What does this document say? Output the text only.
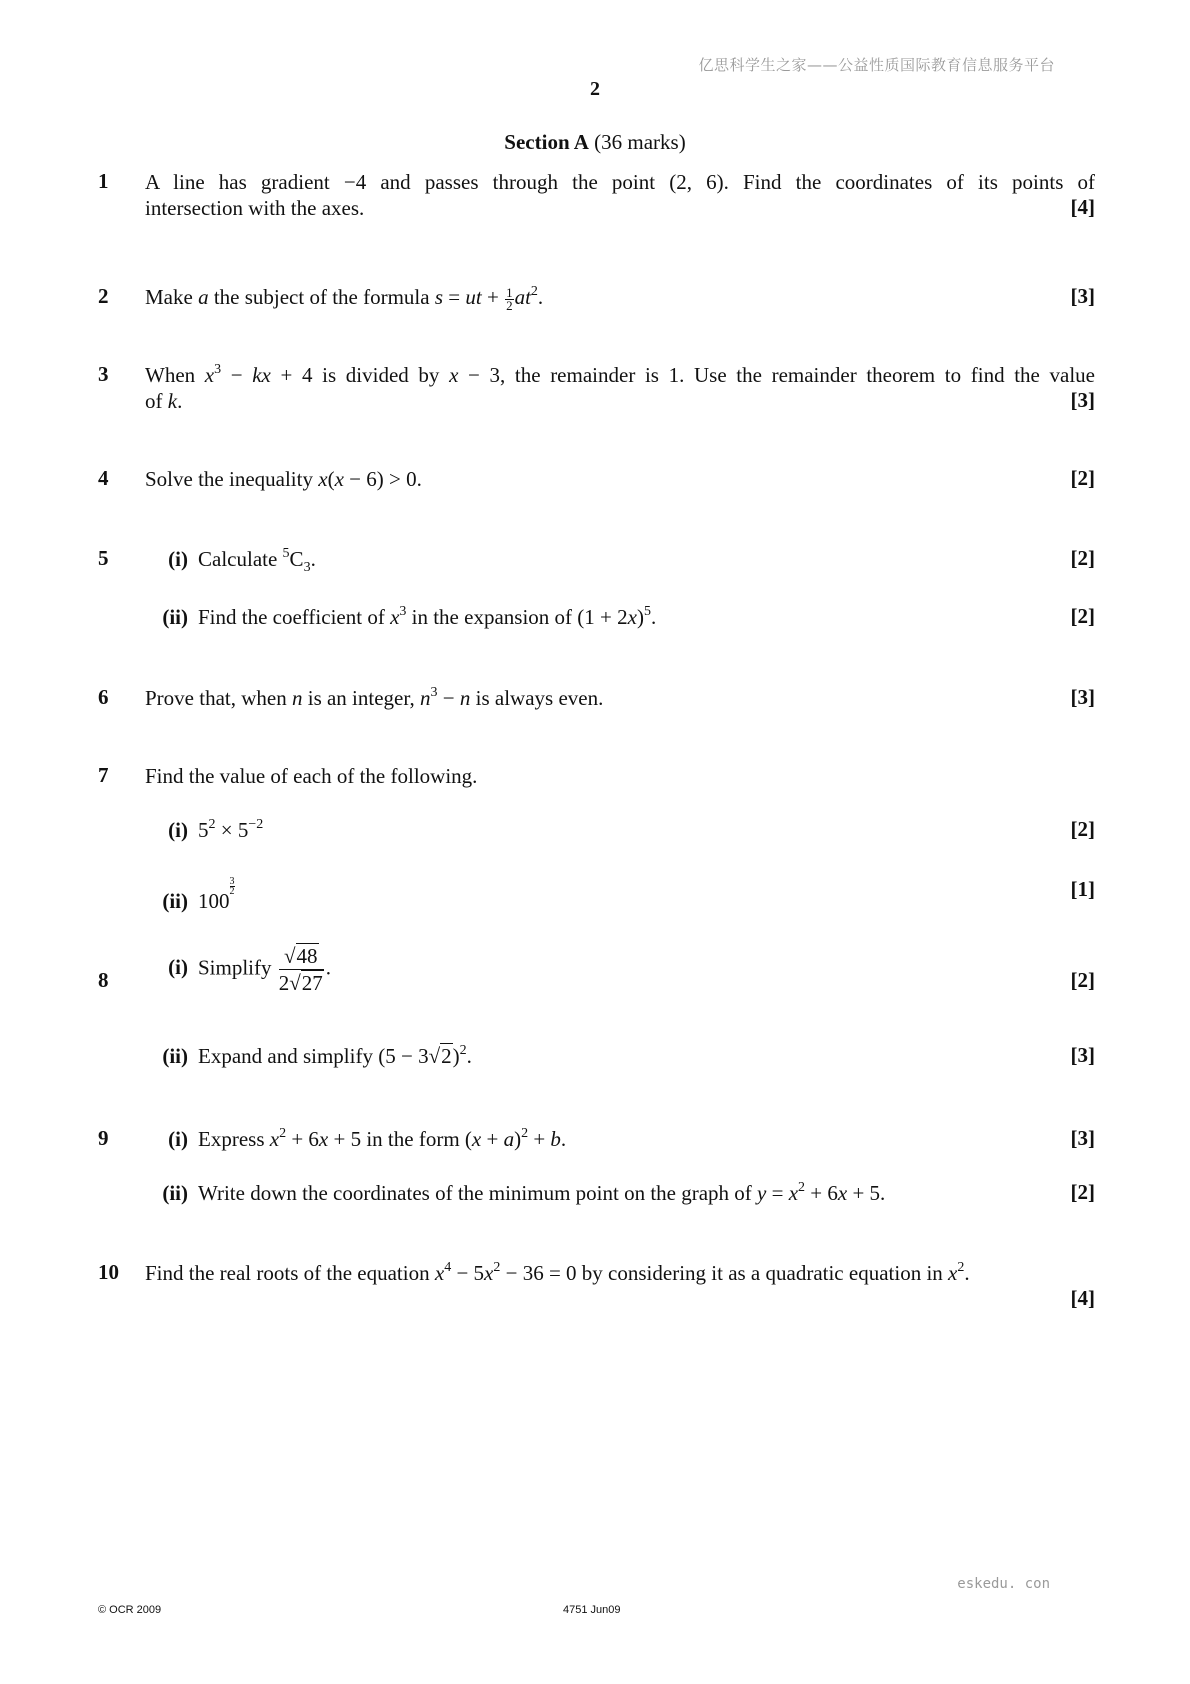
亿思科学生之家——公益性质国际教育信息服务平台
2
Section A (36 marks)
1 A line has gradient −4 and passes through the point (2, 6). Find the coordinates of its points of
intersection with the axes.	[4]
2 Make a the subject of the formula s = ut + $\frac{1}{2} at^2$.	[3]
3 When $x^3$ − kx + 4 is divided by x − 3, the remainder is 1. Use the remainder theorem to find the value
of k.	[3]
4 Solve the inequality x(x − 6) > 0.	[2]
5	(i) Calculate $^5C_3$.	[2]
(ii) Find the coefficient of $x^3$ in the expansion of $(1 + 2x)^5$.	[2]
6 Prove that, when n is an integer, $n^3 - n$ is always even.	[3]
7 Find the value of each of the following.
(i) $5^2 \times 5^{-2}$	[2]
(ii) 100
$\frac{3}{2}$	[1]
8
(i) Simplify $\frac{√48}{2√27}$ .
[2]
(ii) Expand and simplify $(5 - 3√2)^2$.	[3]
9	(i) Express $x^2 + 6x + 5$ in the form $(x + a)^2 + b$.	[3]
(ii) Write down the coordinates of the minimum point on the graph of $y = x^2 + 6x + 5$.	[2]
10 Find the real roots of the equation $x^4 - 5x^2 - 36 = 0$ by considering it as a quadratic equation in $x^2$.
[4]
eskedu. con
© OCR 2009	4751 Jun09
